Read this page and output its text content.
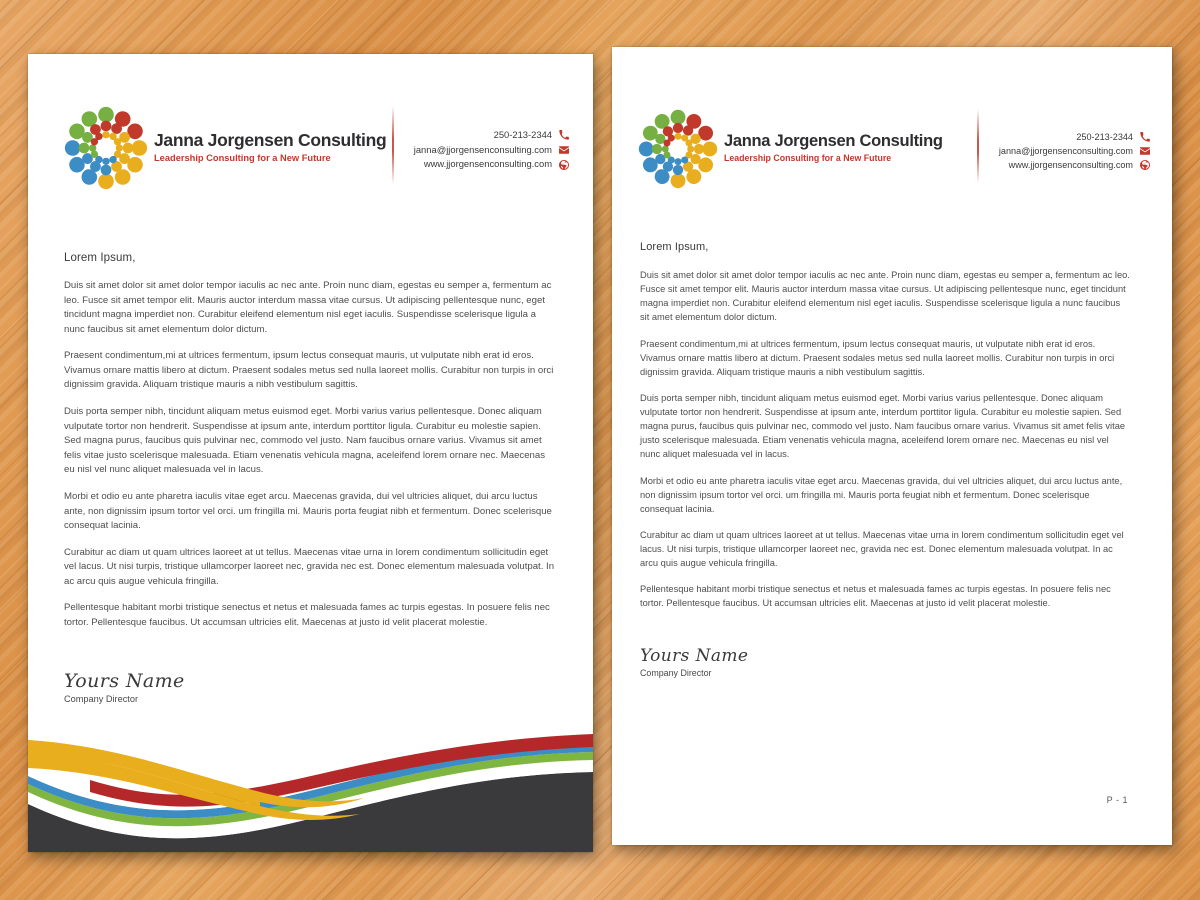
Janna Jorgensen Consulting
Leadership Consulting for a New Future
250-213-2344
janna@jjorgensenconsulting.com
www.jjorgensenconsulting.com
Lorem Ipsum,

Duis sit amet dolor sit amet dolor tempor iaculis ac nec ante. Proin nunc diam, egestas eu semper a, fermentum ac leo. Fusce sit amet tempor elit. Mauris auctor interdum massa vitae cursus. Ut adipiscing pellentesque nunc, eget tincidunt magna imperdiet non. Curabitur eleifend elementum nisl eget iaculis. Suspendisse scelerisque ligula a nunc faucibus sit amet elementum dolor dictum.

Praesent condimentum,mi at ultrices fermentum, ipsum lectus consequat mauris, ut vulputate nibh erat id eros. Vivamus ornare mattis libero at dictum. Praesent sodales metus sed nulla laoreet mollis. Curabitur non turpis in orci dignissim gravida. Aliquam tristique mauris a nibh vestibulum sagittis.

Duis porta semper nibh, tincidunt aliquam metus euismod eget. Morbi varius varius pellentesque. Donec aliquam vulputate tortor non hendrerit. Suspendisse at ipsum ante, interdum porttitor ligula. Curabitur eu molestie sapien. Sed magna purus, faucibus quis pulvinar nec, commodo vel justo. Nam faucibus ornare varius. Vivamus sit amet felis vitae justo scelerisque malesuada. Etiam venenatis vehicula magna, aceleifend lorem ornare nec. Maecenas eu nisl vel nunc aliquet malesuada vel in lacus.

Morbi et odio eu ante pharetra iaculis vitae eget arcu. Maecenas gravida, dui vel ultricies aliquet, dui arcu luctus ante, non dignissim ipsum tortor vel orci. um fringilla mi. Mauris porta feugiat nibh et fermentum. Donec scelerisque consequat lacinia.

Curabitur ac diam ut quam ultrices laoreet at ut tellus. Maecenas vitae urna in lorem condimentum sollicitudin eget vel lacus. Ut nisi turpis, tristique ullamcorper laoreet nec, gravida nec est. Donec elementum malesuada volutpat. In ac arcu quis augue vehicula fringilla.

Pellentesque habitant morbi tristique senectus et netus et malesuada fames ac turpis egestas. In posuere felis nec tortor. Pellentesque faucibus. Ut accumsan ultricies elit. Maecenas at justo id velit placerat molestie.

Yours Name
Company Director
Janna Jorgensen Consulting
Leadership Consulting for a New Future
250-213-2344
janna@jjorgensenconsulting.com
www.jjorgensenconsulting.com
Lorem Ipsum,

Duis sit amet dolor sit amet dolor tempor iaculis ac nec ante. Proin nunc diam, egestas eu semper a, fermentum ac leo. Fusce sit amet tempor elit. Mauris auctor interdum massa vitae cursus. Ut adipiscing pellentesque nunc, eget tincidunt magna imperdiet non. Curabitur eleifend elementum nisl eget iaculis. Suspendisse scelerisque ligula a nunc faucibus sit amet elementum dolor dictum.

Praesent condimentum,mi at ultrices fermentum, ipsum lectus consequat mauris, ut vulputate nibh erat id eros. Vivamus ornare mattis libero at dictum. Praesent sodales metus sed nulla laoreet mollis. Curabitur non turpis in orci dignissim gravida. Aliquam tristique mauris a nibh vestibulum sagittis.

Duis porta semper nibh, tincidunt aliquam metus euismod eget. Morbi varius varius pellentesque. Donec aliquam vulputate tortor non hendrerit. Suspendisse at ipsum ante, interdum porttitor ligula. Curabitur eu molestie sapien. Sed magna purus, faucibus quis pulvinar nec, commodo vel justo. Nam faucibus ornare varius. Vivamus sit amet felis vitae justo scelerisque malesuada. Etiam venenatis vehicula magna, aceleifend lorem ornare nec. Maecenas eu nisl vel nunc aliquet malesuada vel in lacus.

Morbi et odio eu ante pharetra iaculis vitae eget arcu. Maecenas gravida, dui vel ultricies aliquet, dui arcu luctus ante, non dignissim ipsum tortor vel orci. um fringilla mi. Mauris porta feugiat nibh et fermentum. Donec scelerisque consequat lacinia.

Curabitur ac diam ut quam ultrices laoreet at ut tellus. Maecenas vitae urna in lorem condimentum sollicitudin eget vel lacus. Ut nisi turpis, tristique ullamcorper laoreet nec, gravida nec est. Donec elementum malesuada volutpat. In ac arcu quis augue vehicula fringilla.

Pellentesque habitant morbi tristique senectus et netus et malesuada fames ac turpis egestas. In posuere felis nec tortor. Pellentesque faucibus. Ut accumsan ultricies elit. Maecenas at justo id velit placerat molestie.

Yours Name
Company Director
P - 1
